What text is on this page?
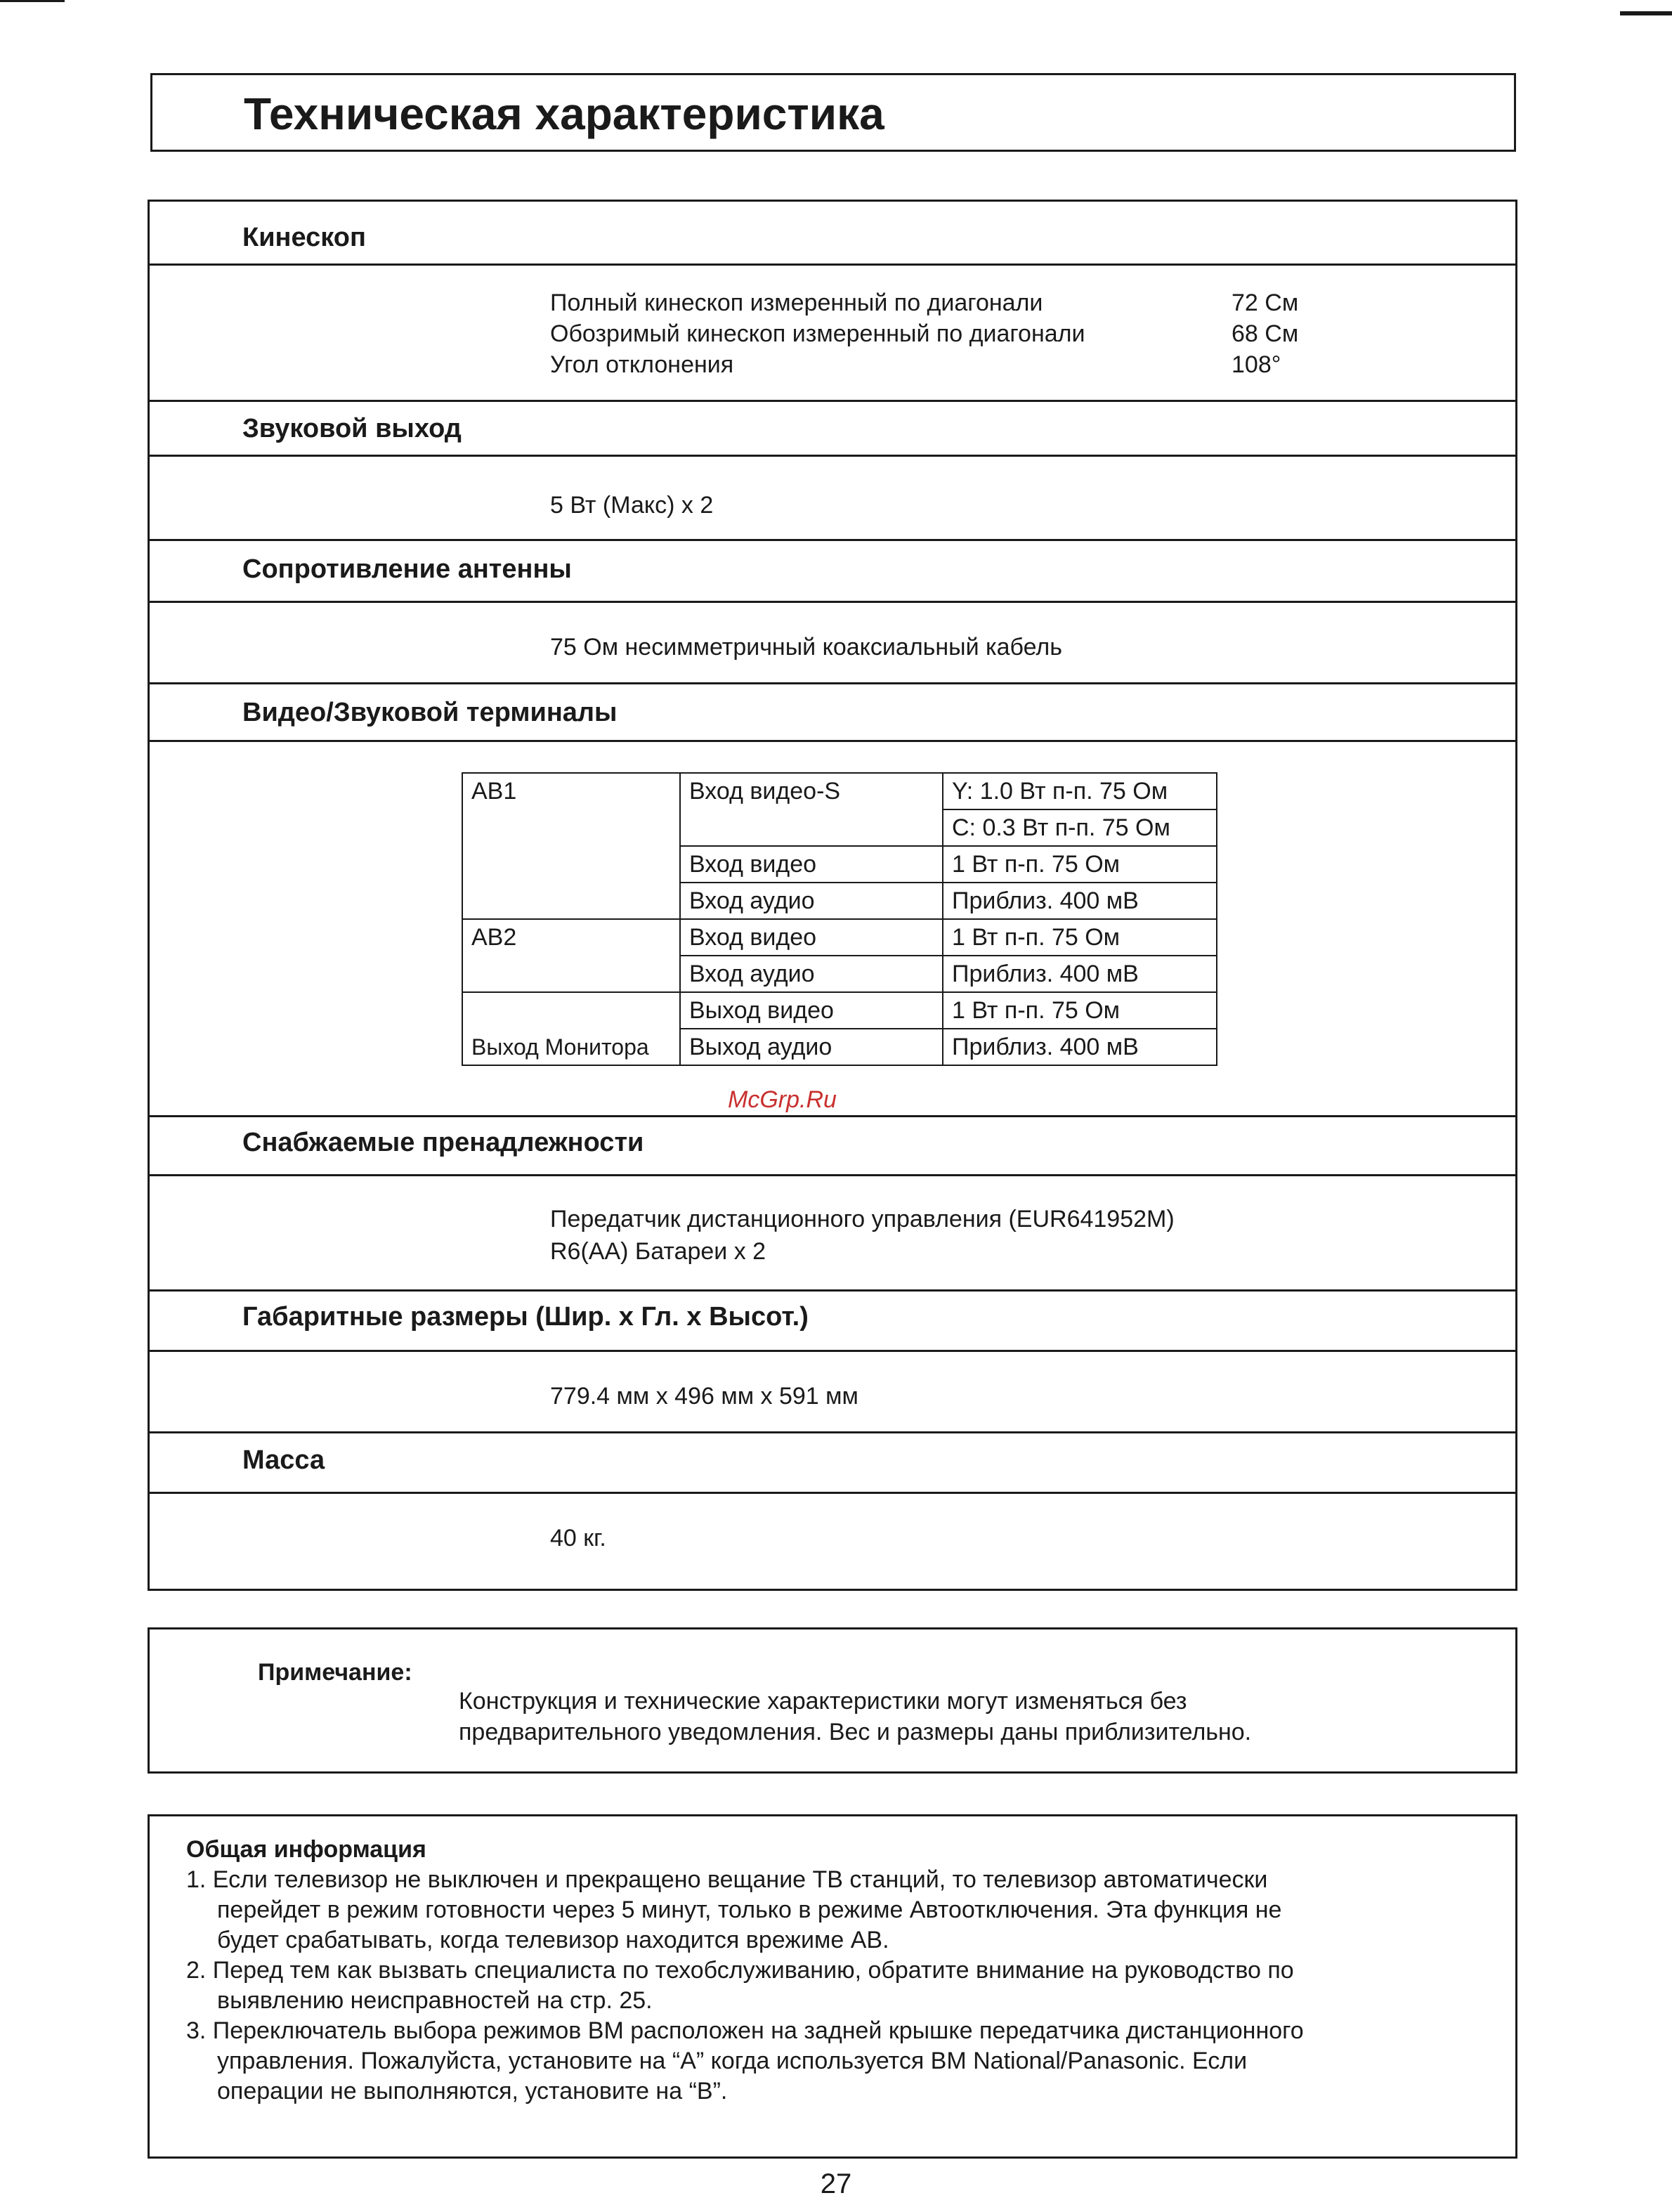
Техническая характеристика
Кинескоп
Полный кинескоп измеренный по диагонали	72 См
Обозримый кинескоп измеренный по диагонали	68 См
Угол отклонения	108°
Звуковой выход
5 Вт (Макс) x 2
Сопротивление антенны
75 Ом несимметричный коаксиальный кабель
Видео/Звуковой терминалы
AB1	Вход видео-S	Y: 1.0 Вт п-п. 75 Ом
		C: 0.3 Вт п-п. 75 Ом
	Вход видео	1 Вт п-п. 75 Ом
	Вход аудио	Приблиз. 400 мВ
AB2	Вход видео	1 Вт п-п. 75 Ом
	Вход аудио	Приблиз. 400 мВ
Выход Монитора	Выход видео	1 Вт п-п. 75 Ом
	Выход аудио	Приблиз. 400 мВ
Снабжаемые пренадлежности
Передатчик дистанционного управления (EUR641952M)
R6(AA) Батареи x 2
Габаритные размеры (Шир. x Гл. x Высот.)
779.4 мм x 496 мм x 591 мм
Масса
40 кг.
McGrp.Ru
Примечание:
Конструкция и технические характеристики могут изменяться без
предварительного уведомления. Вес и размеры даны приблизительно.
Общая информация
1. Если телевизор не выключен и прекращено вещание ТВ станций, то телевизор автоматически
перейдет в режим готовности через 5 минут, только в режиме Автоотключения. Эта функция не
будет срабатывать, когда телевизор находится врежиме AB.
2. Перед тем как вызвать специалиста по техобслуживанию, обратите внимание на руководство по
выявлению неисправностей на стр. 25.
3. Переключатель выбора режимов ВМ расположен на задней крышке передатчика дистанционного
управления. Пожалуйста, установите на “A” когда используется BM National/Panasonic. Если
операции не выполняются, установите на “B”.
27
